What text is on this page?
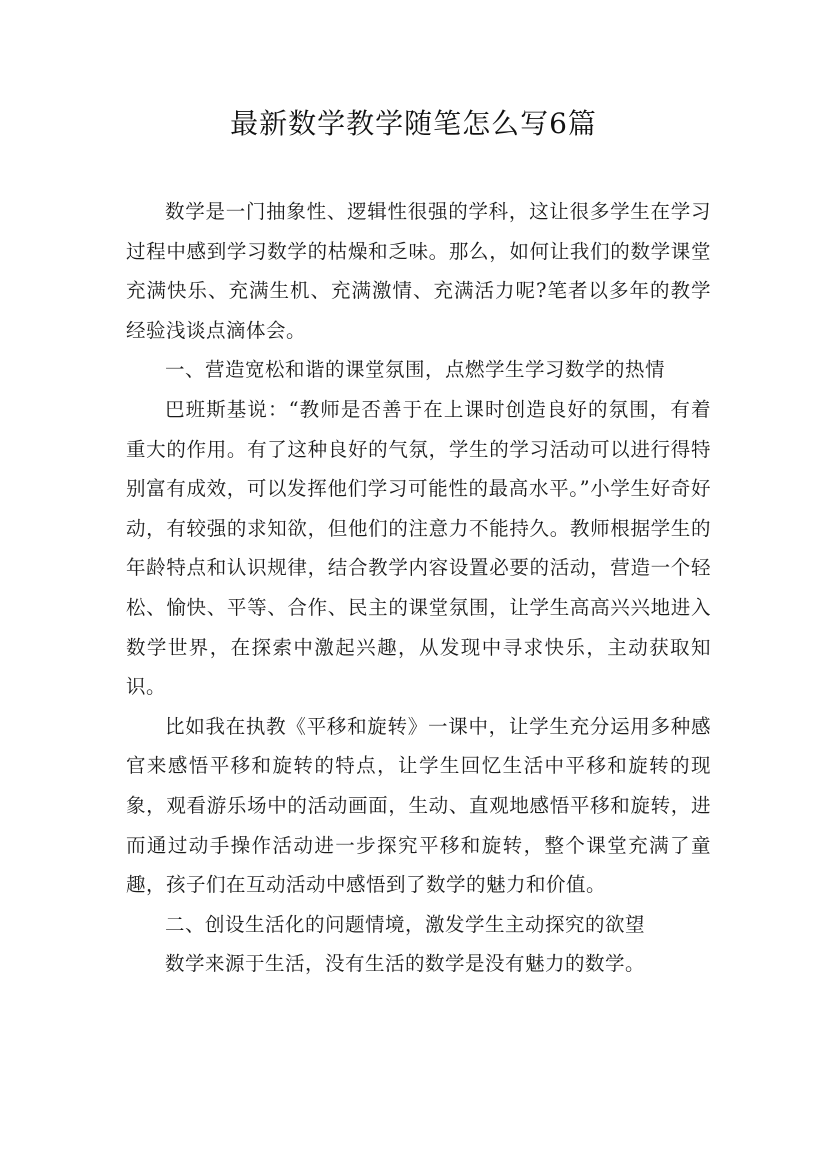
最新数学教学随笔怎么写6篇

数学是一门抽象性、逻辑性很强的学科，这让很多学生在学习过程中感到学习数学的枯燥和乏味。那么，如何让我们的数学课堂充满快乐、充满生机、充满激情、充满活力呢?笔者以多年的教学经验浅谈点滴体会。

一、营造宽松和谐的课堂氛围，点燃学生学习数学的热情

巴班斯基说：“教师是否善于在上课时创造良好的氛围，有着重大的作用。有了这种良好的气氛，学生的学习活动可以进行得特别富有成效，可以发挥他们学习可能性的最高水平。”小学生好奇好动，有较强的求知欲，但他们的注意力不能持久。教师根据学生的年龄特点和认识规律，结合教学内容设置必要的活动，营造一个轻松、愉快、平等、合作、民主的课堂氛围，让学生高高兴兴地进入数学世界，在探索中激起兴趣，从发现中寻求快乐，主动获取知识。

比如我在执教《平移和旋转》一课中，让学生充分运用多种感官来感悟平移和旋转的特点，让学生回忆生活中平移和旋转的现象，观看游乐场中的活动画面，生动、直观地感悟平移和旋转，进而通过动手操作活动进一步探究平移和旋转，整个课堂充满了童趣，孩子们在互动活动中感悟到了数学的魅力和价值。

二、创设生活化的问题情境，激发学生主动探究的欲望

数学来源于生活，没有生活的数学是没有魅力的数学。
